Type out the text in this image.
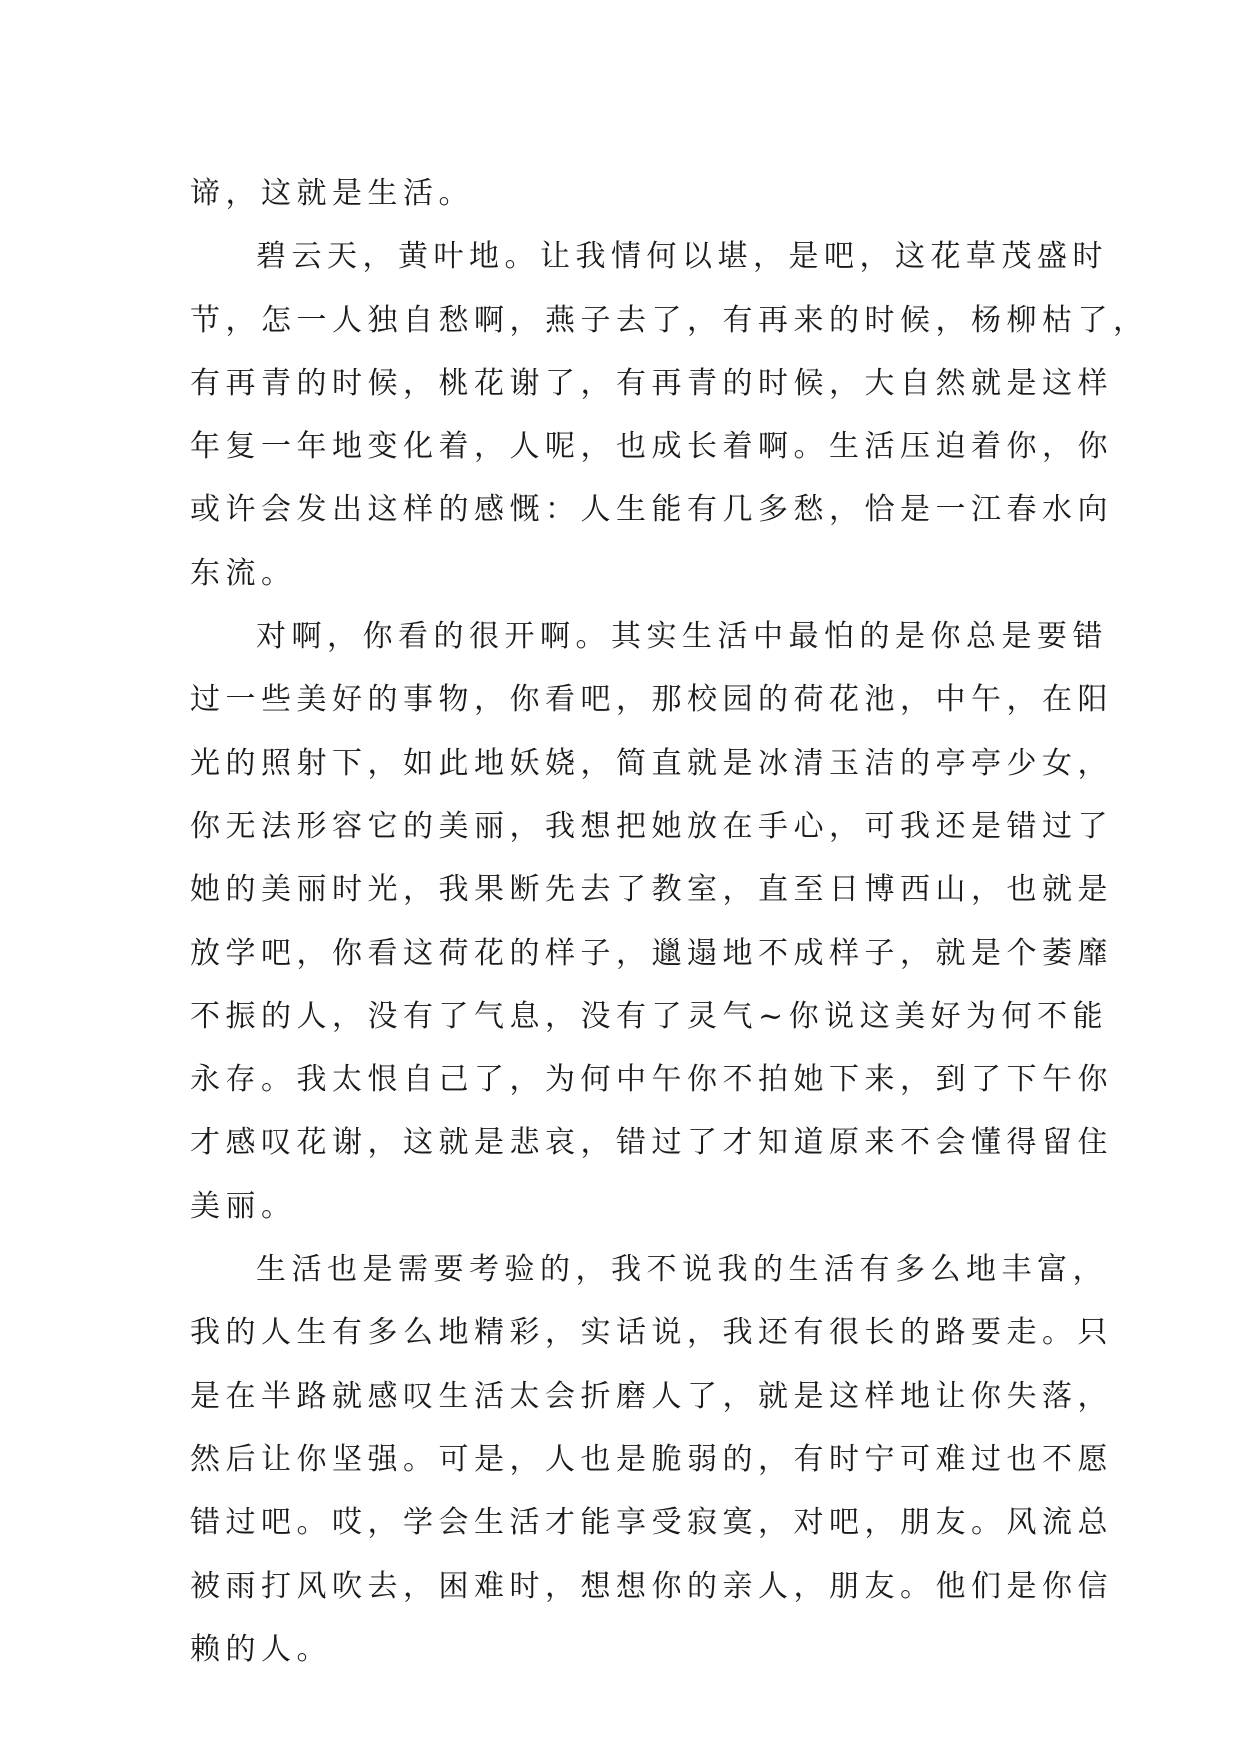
谛，这就是生活。
碧云天，黄叶地。让我情何以堪，是吧，这花草茂盛时
节，怎一人独自愁啊，燕子去了，有再来的时候，杨柳枯了，
有再青的时候，桃花谢了，有再青的时候，大自然就是这样
年复一年地变化着，人呢，也成长着啊。生活压迫着你，你
或许会发出这样的感慨：人生能有几多愁，恰是一江春水向
东流。
对啊，你看的很开啊。其实生活中最怕的是你总是要错
过一些美好的事物，你看吧，那校园的荷花池，中午，在阳
光的照射下，如此地妖娆，简直就是冰清玉洁的亭亭少女，
你无法形容它的美丽，我想把她放在手心，可我还是错过了
她的美丽时光，我果断先去了教室，直至日博西山，也就是
放学吧，你看这荷花的样子，邋遢地不成样子，就是个萎靡
不振的人，没有了气息，没有了灵气~你说这美好为何不能
永存。我太恨自己了，为何中午你不拍她下来，到了下午你
才感叹花谢，这就是悲哀，错过了才知道原来不会懂得留住
美丽。
生活也是需要考验的，我不说我的生活有多么地丰富，
我的人生有多么地精彩，实话说，我还有很长的路要走。只
是在半路就感叹生活太会折磨人了，就是这样地让你失落，
然后让你坚强。可是，人也是脆弱的，有时宁可难过也不愿
错过吧。哎，学会生活才能享受寂寞，对吧，朋友。风流总
被雨打风吹去，困难时，想想你的亲人，朋友。他们是你信
赖的人。
